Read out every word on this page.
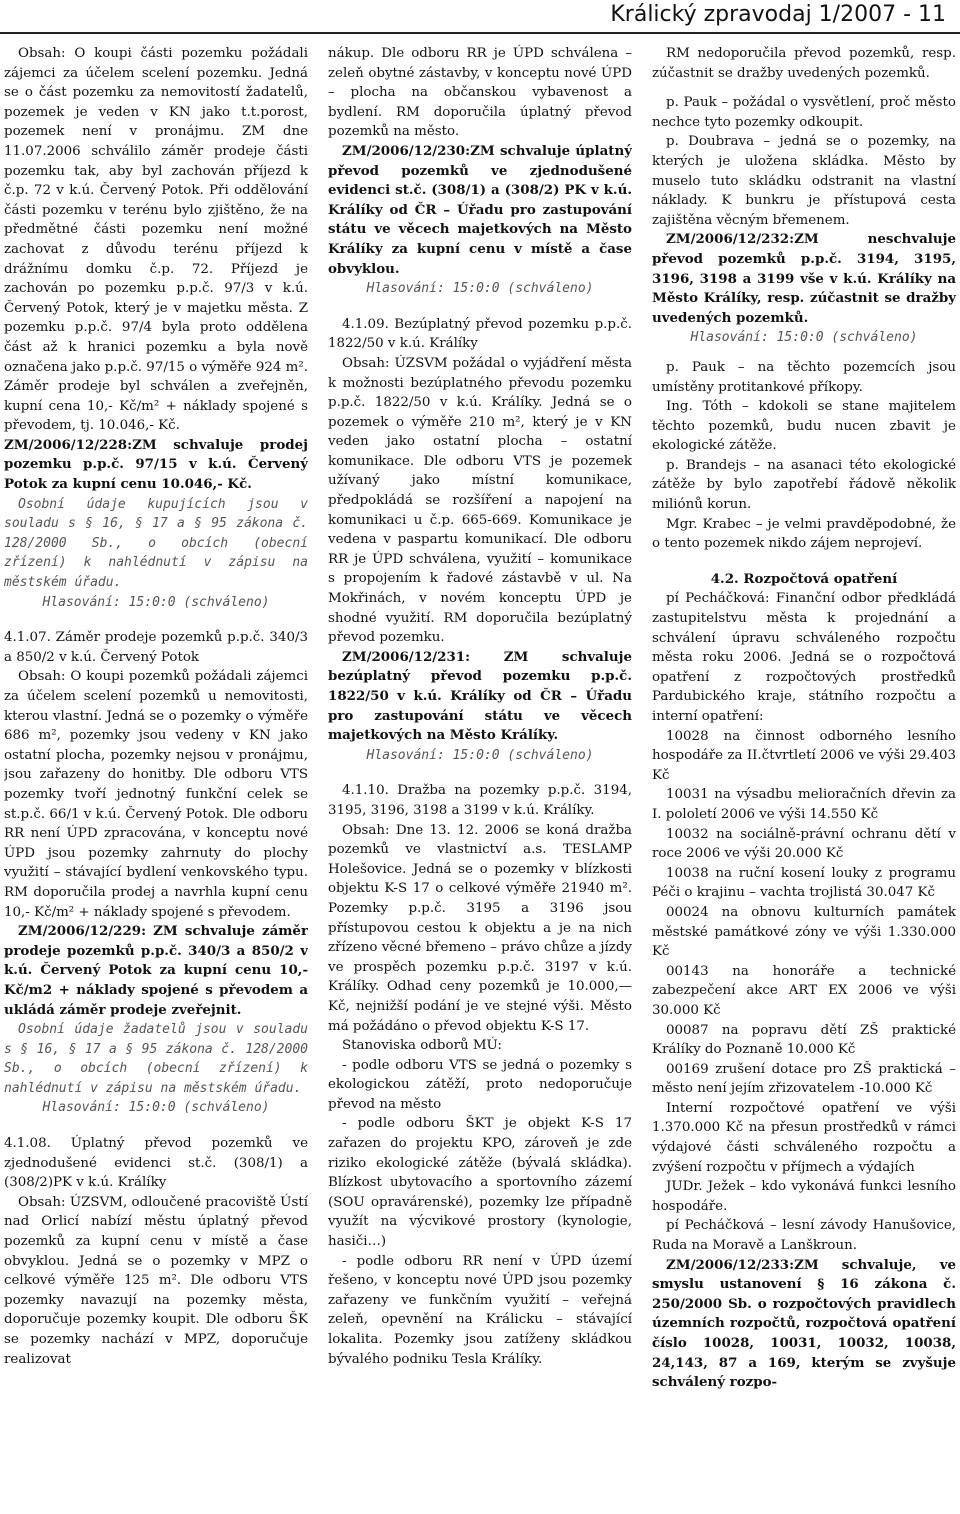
Králický zpravodaj 1/2007 - 11

Obsah: O koupi části pozemku požádali zájemci za účelem scelení pozemku. Jedná se o část pozemku za nemovitostí žadatelů, pozemek je veden v KN jako t.t.porost, pozemek není v pronájmu. ZM dne 11.07.2006 schválilo záměr prodeje části pozemku tak, aby byl zachován příjezd k č.p. 72 v k.ú. Červený Potok. Při oddělování části pozemku v terénu bylo zjištěno, že na předmětné části pozemku není možné zachovat z důvodu terénu příjezd k drážnímu domku č.p. 72. Příjezd je zachován po pozemku p.p.č. 97/3 v k.ú. Červený Potok, který je v majetku města. Z pozemku p.p.č. 97/4 byla proto oddělena část až k hranici pozemku a byla nově označena jako p.p.č. 97/15 o výměře 924 m². Záměr prodeje byl schválen a zveřejněn, kupní cena 10,- Kč/m² + náklady spojené s převodem, tj. 10.046,- Kč.

ZM/2006/12/228:ZM schvaluje prodej pozemku p.p.č. 97/15 v k.ú. Červený Potok za kupní cenu 10.046,- Kč.

Osobní údaje kupujících jsou v souladu s § 16, § 17 a § 95 zákona č. 128/2000 Sb., o obcích (obecní zřízení) k nahlédnutí v zápisu na městském úřadu.

Hlasování: 15:0:0 (schváleno)

4.1.07. Záměr prodeje pozemků p.p.č. 340/3 a 850/2 v k.ú. Červený Potok

Obsah: O koupi pozemků požádali zájemci za účelem scelení pozemků u nemovitosti, kterou vlastní. Jedná se o pozemky o výměře 686 m², pozemky jsou vedeny v KN jako ostatní plocha, pozemky nejsou v pronájmu, jsou zařazeny do honitby. Dle odboru VTS pozemky tvoří jednotný funkční celek se st.p.č. 66/1 v k.ú. Červený Potok. Dle odboru RR není ÚPD zpracována, v konceptu nové ÚPD jsou pozemky zahrnuty do plochy využití – stávající bydlení venkovského typu. RM doporučila prodej a navrhla kupní cenu 10,- Kč/m² + náklady spojené s převodem.

ZM/2006/12/229: ZM schvaluje záměr prodeje pozemků p.p.č. 340/3 a 850/2 v k.ú. Červený Potok za kupní cenu 10,- Kč/m2 + náklady spojené s převodem a ukládá záměr prodeje zveřejnit.

Osobní údaje žadatelů jsou v souladu s § 16, § 17 a § 95 zákona č. 128/2000 Sb., o obcích (obecní zřízení) k nahlédnutí v zápisu na městském úřadu.

Hlasování: 15:0:0 (schváleno)

4.1.08. Úplatný převod pozemků ve zjednodušené evidenci st.č. (308/1) a (308/2)PK v k.ú. Králíky

Obsah: ÚZSVM, odloučené pracoviště Ústí nad Orlicí nabízí městu úplatný převod pozemků za kupní cenu v místě a čase obvyklou. Jedná se o pozemky v MPZ o celkové výměře 125 m². Dle odboru VTS pozemky navazují na pozemky města, doporučuje pozemky koupit. Dle odboru ŠK se pozemky nachází v MPZ, doporučuje realizovat

nákup. Dle odboru RR je ÚPD schválena – zeleň obytné zástavby, v konceptu nové ÚPD – plocha na občanskou vybavenost a bydlení. RM doporučila úplatný převod pozemků na město.

ZM/2006/12/230:ZM schvaluje úplatný převod pozemků ve zjednodušené evidenci st.č. (308/1) a (308/2) PK v k.ú. Králíky od ČR – Úřadu pro zastupování státu ve věcech majetkových na Město Králíky za kupní cenu v místě a čase obvyklou.

Hlasování: 15:0:0 (schváleno)

4.1.09. Bezúplatný převod pozemku p.p.č. 1822/50 v k.ú. Králíky

Obsah: ÚZSVM požádal o vyjádření města k možnosti bezúplatného převodu pozemku p.p.č. 1822/50 v k.ú. Králíky. Jedná se o pozemek o výměře 210 m², který je v KN veden jako ostatní plocha – ostatní komunikace. Dle odboru VTS je pozemek užívaný jako místní komunikace, předpokládá se rozšíření a napojení na komunikaci u č.p. 665-669. Komunikace je vedena v paspartu komunikací. Dle odboru RR je ÚPD schválena, využití – komunikace s propojením k řadové zástavbě v ul. Na Mokřinách, v novém konceptu ÚPD je shodné využití. RM doporučila bezúplatný převod pozemku.

ZM/2006/12/231: ZM schvaluje bezúplatný převod pozemku p.p.č. 1822/50 v k.ú. Králíky od ČR – Úřadu pro zastupování státu ve věcech majetkových na Město Králíky.

Hlasování: 15:0:0 (schváleno)

4.1.10. Dražba na pozemky p.p.č. 3194, 3195, 3196, 3198 a 3199 v k.ú. Králíky.

Obsah: Dne 13. 12. 2006 se koná dražba pozemků ve vlastnictví a.s. TESLAMP Holešovice. Jedná se o pozemky v blízkosti objektu K-S 17 o celkové výměře 21940 m². Pozemky p.p.č. 3195 a 3196 jsou přístupovou cestou k objektu a je na nich zřízeno věcné břemeno – právo chůze a jízdy ve prospěch pozemku p.p.č. 3197 v k.ú. Králíky. Odhad ceny pozemků je 10.000,— Kč, nejnižší podání je ve stejné výši. Město má požádáno o převod objektu K-S 17.

Stanoviska odborů MÚ:

- podle odboru VTS se jedná o pozemky s ekologickou zátěží, proto nedoporučuje převod na město

- podle odboru ŠKT je objekt K-S 17 zařazen do projektu KPO, zároveň je zde riziko ekologické zátěže (bývalá skládka). Blízkost ubytovacího a sportovního zázemí (SOU opravárenské), pozemky lze případně využít na výcvikové prostory (kynologie, hasiči…)

- podle odboru RR není v ÚPD území řešeno, v konceptu nové ÚPD jsou pozemky zařazeny ve funkčním využití – veřejná zeleň, opevnění na Králicku – stávající lokalita. Pozemky jsou zatíženy skládkou bývalého podniku Tesla Králíky.

RM nedoporučila převod pozemků, resp. zúčastnit se dražby uvedených pozemků.

p. Pauk – požádal o vysvětlení, proč město nechce tyto pozemky odkoupit.

p. Doubrava – jedná se o pozemky, na kterých je uložena skládka. Město by muselo tuto skládku odstranit na vlastní náklady. K bunkru je přístupová cesta zajištěna věcným břemenem.

ZM/2006/12/232:ZM neschvaluje převod pozemků p.p.č. 3194, 3195, 3196, 3198 a 3199 vše v k.ú. Králíky na Město Králíky, resp. zúčastnit se dražby uvedených pozemků.

Hlasování: 15:0:0 (schváleno)

p. Pauk – na těchto pozemcích jsou umístěny protitankové příkopy.

Ing. Tóth – kdokoli se stane majitelem těchto pozemků, budu nucen zbavit je ekologické zátěže.

p. Brandejs – na asanaci této ekologické zátěže by bylo zapotřebí řádově několik miliónů korun.

Mgr. Krabec – je velmi pravděpodobné, že o tento pozemek nikdo zájem neprojeví.

4.2. Rozpočtová opatření

pí Pecháčková: Finanční odbor předkládá zastupitelstvu města k projednání a schválení úpravu schváleného rozpočtu města roku 2006. Jedná se o rozpočtová opatření z rozpočtových prostředků Pardubického kraje, státního rozpočtu a interní opatření:

10028 na činnost odborného lesního hospodáře za II.čtvrtletí 2006 ve výši 29.403 Kč

10031 na výsadbu melioračních dřevin za I. pololetí 2006 ve výši 14.550 Kč

10032 na sociálně-právní ochranu dětí v roce 2006 ve výši 20.000 Kč

10038 na ruční kosení louky z programu Péči o krajinu – vachta trojlistá 30.047 Kč

00024 na obnovu kulturních památek městské památkové zóny ve výši 1.330.000 Kč

00143 na honoráře a technické zabezpečení akce ART EX 2006 ve výši 30.000 Kč

00087 na popravu dětí ZŠ praktické Králíky do Poznaně 10.000 Kč

00169 zrušení dotace pro ZŠ praktická – město není jejím zřizovatelem -10.000 Kč

Interní rozpočtové opatření ve výši 1.370.000 Kč na přesun prostředků v rámci výdajové části schváleného rozpočtu a zvýšení rozpočtu v příjmech a výdajích

JUDr. Ježek – kdo vykonává funkci lesního hospodáře.

pí Pecháčková – lesní závody Hanušovice, Ruda na Moravě a Lanškroun.

ZM/2006/12/233:ZM schvaluje, ve smyslu ustanovení § 16 zákona č. 250/2000 Sb. o rozpočtových pravidlech územních rozpočtů, rozpočtová opatření číslo 10028, 10031, 10032, 10038, 24,143, 87 a 169, kterým se zvyšuje schválený rozpo-
